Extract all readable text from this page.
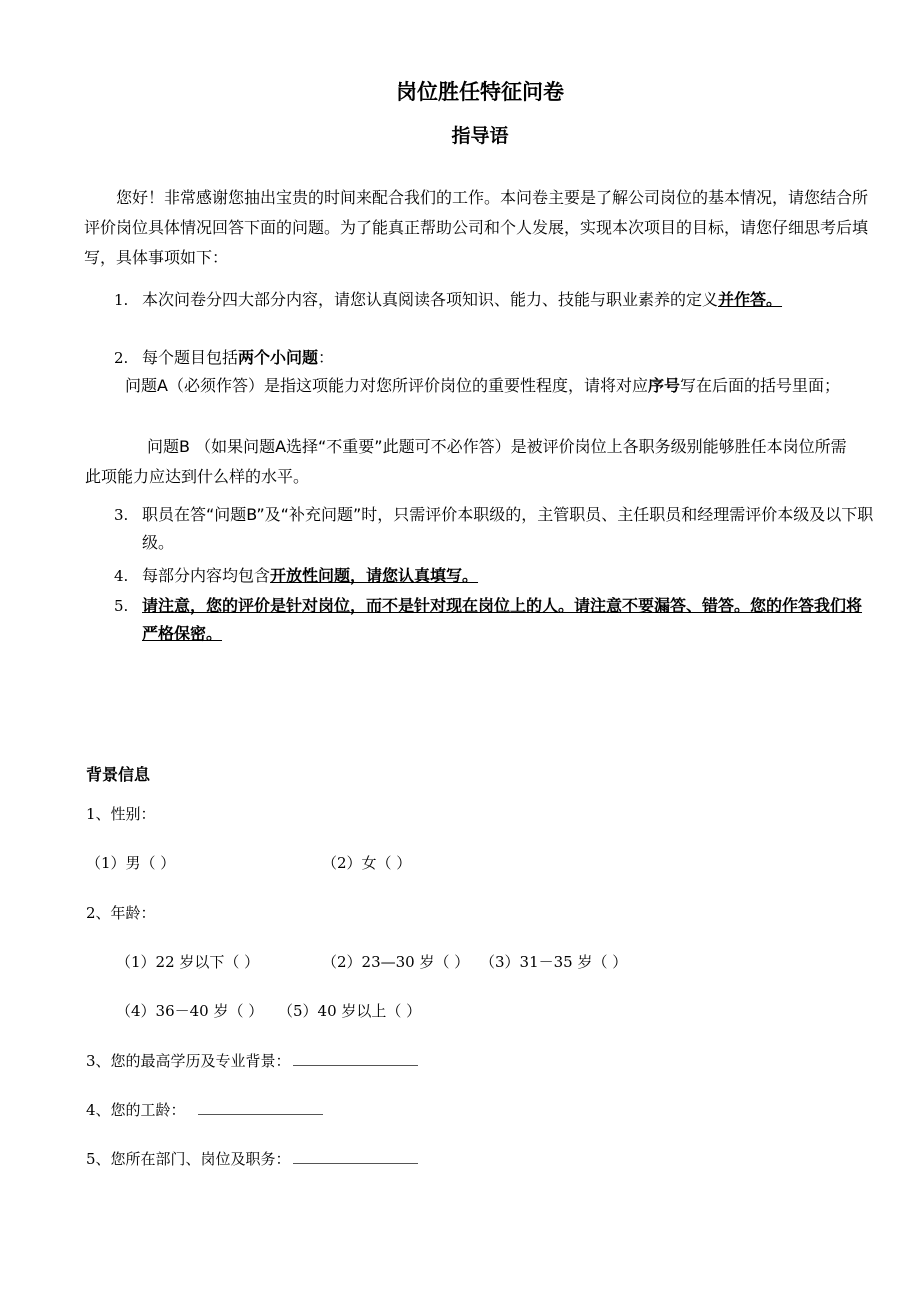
岗位胜任特征问卷
指导语
您好！非常感谢您抽出宝贵的时间来配合我们的工作。本问卷主要是了解公司岗位的基本情况，请您结合所评价岗位具体情况回答下面的问题。为了能真正帮助公司和个人发展，实现本次项目的目标，请您仔细思考后填写，具体事项如下：
1. 本次问卷分四大部分内容，请您认真阅读各项知识、能力、技能与职业素养的定义并作答。
2. 每个题目包括两个小问题：
问题A（必须作答）是指这项能力对您所评价岗位的重要性程度，请将对应序号写在后面的括号里面；
问题B （如果问题A选择“不重要”此题可不必作答）是被评价岗位上各职务级别能够胜任本岗位所需此项能力应达到什么样的水平。
3. 职员在答“问题B”及“补充问题”时，只需评价本职级的，主管职员、主任职员和经理需评价本级及以下职级。
4. 每部分内容均包含开放性问题，请您认真填写。
5. 请注意，您的评价是针对岗位，而不是针对现在岗位上的人。请注意不要漏答、错答。您的作答我们将严格保密。
背景信息
1、性别：
（1）男（ ）	（2）女（ ）
2、年龄：
（1）22 岁以下（ ）	（2）23—30 岁（ ） （3）31－35 岁（ ）
（4）36－40 岁（ ） （5）40 岁以上（ ）
3、您的最高学历及专业背景：
4、您的工龄：
5、您所在部门、岗位及职务：
